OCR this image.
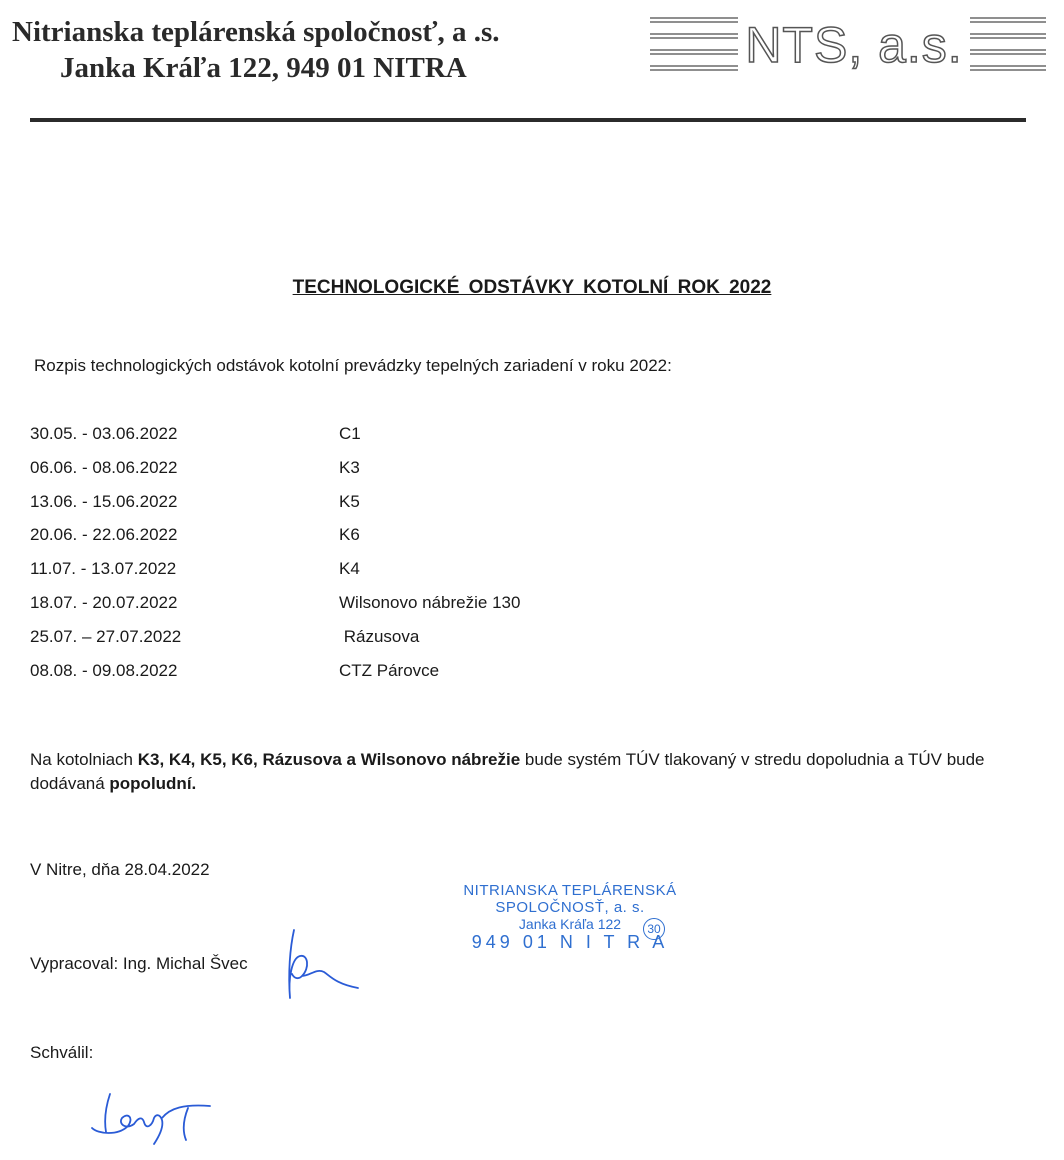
Nitrianska teplárenská spoločnosť, a .s.
Janka Kráľa 122, 949 01 NITRA	NTS, a.s.
TECHNOLOGICKÉ ODSTÁVKY KOTOLNÍ ROK 2022
Rozpis technologických odstávok kotolní prevádzky tepelných zariadení v roku 2022:
30.05. - 03.06.2022	C1
06.06. - 08.06.2022	K3
13.06. - 15.06.2022	K5
20.06. - 22.06.2022	K6
11.07. - 13.07.2022	K4
18.07. - 20.07.2022	Wilsonovo nábrežie 130
25.07. – 27.07.2022	Rázusova
08.08. - 09.08.2022	CTZ Párovce
Na kotolniach K3, K4, K5, K6, Rázusova a Wilsonovo nábrežie bude systém TÚV tlakovaný v stredu dopoludnia a TÚV bude dodávaná popoludní.
V Nitre, dňa 28.04.2022
NITRIANSKA TEPLÁRENSKÁ
SPOLOČNOSŤ, a. s.
Janka Kráľa 122
949 01 N I T R A
30
Vypracoval: Ing. Michal Švec
Schválil:
